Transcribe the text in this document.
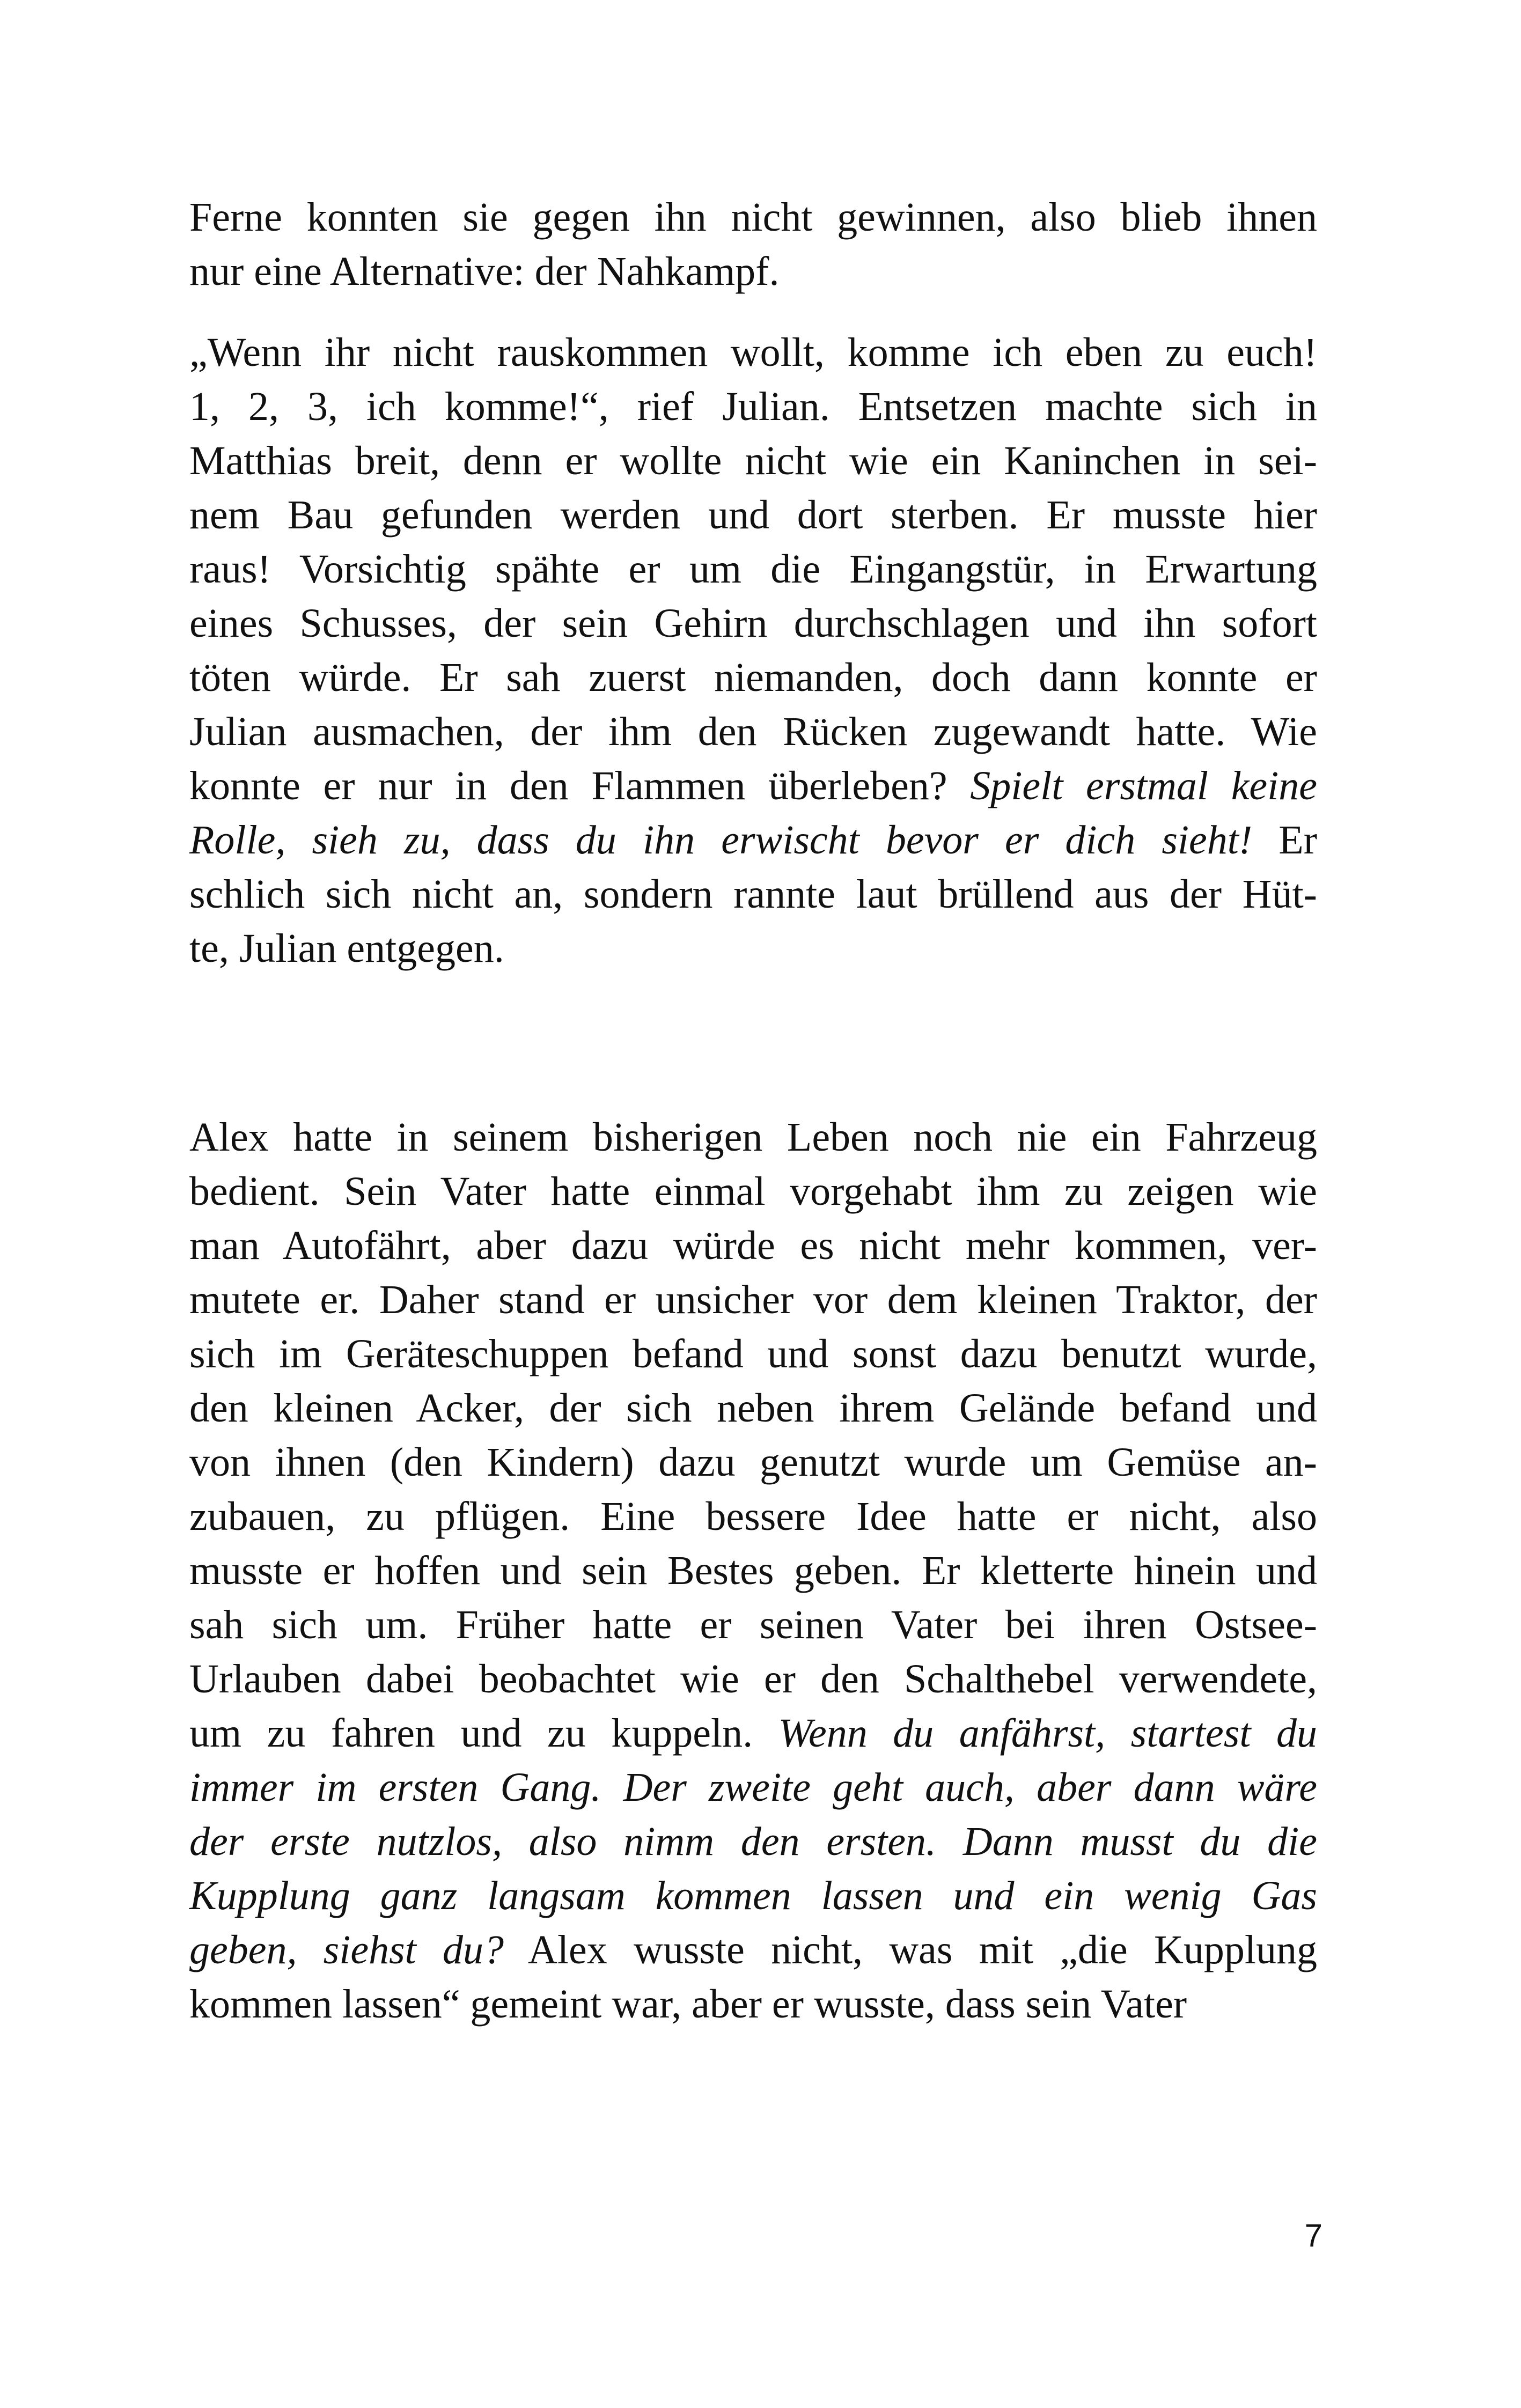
Ferne konnten sie gegen ihn nicht gewinnen, also blieb ihnen
nur eine Alternative: der Nahkampf.
„Wenn ihr nicht rauskommen wollt, komme ich eben zu euch!
1, 2, 3, ich komme!“, rief Julian. Entsetzen machte sich in
Matthias breit, denn er wollte nicht wie ein Kaninchen in sei-
nem Bau gefunden werden und dort sterben. Er musste hier
raus! Vorsichtig spähte er um die Eingangstür, in Erwartung
eines Schusses, der sein Gehirn durchschlagen und ihn sofort
töten würde. Er sah zuerst niemanden, doch dann konnte er
Julian ausmachen, der ihm den Rücken zugewandt hatte. Wie
konnte er nur in den Flammen überleben? Spielt erstmal keine
Rolle, sieh zu, dass du ihn erwischt bevor er dich sieht! Er
schlich sich nicht an, sondern rannte laut brüllend aus der Hüt-
te, Julian entgegen.
Alex hatte in seinem bisherigen Leben noch nie ein Fahrzeug
bedient. Sein Vater hatte einmal vorgehabt ihm zu zeigen wie
man Autofährt, aber dazu würde es nicht mehr kommen, ver-
mutete er. Daher stand er unsicher vor dem kleinen Traktor, der
sich im Geräteschuppen befand und sonst dazu benutzt wurde,
den kleinen Acker, der sich neben ihrem Gelände befand und
von ihnen (den Kindern) dazu genutzt wurde um Gemüse an-
zubauen, zu pflügen. Eine bessere Idee hatte er nicht, also
musste er hoffen und sein Bestes geben. Er kletterte hinein und
sah sich um. Früher hatte er seinen Vater bei ihren Ostsee-
Urlauben dabei beobachtet wie er den Schalthebel verwendete,
um zu fahren und zu kuppeln. Wenn du anfährst, startest du
immer im ersten Gang. Der zweite geht auch, aber dann wäre
der erste nutzlos, also nimm den ersten. Dann musst du die
Kupplung ganz langsam kommen lassen und ein wenig Gas
geben, siehst du? Alex wusste nicht, was mit „die Kupplung
kommen lassen“ gemeint war, aber er wusste, dass sein Vater
7
